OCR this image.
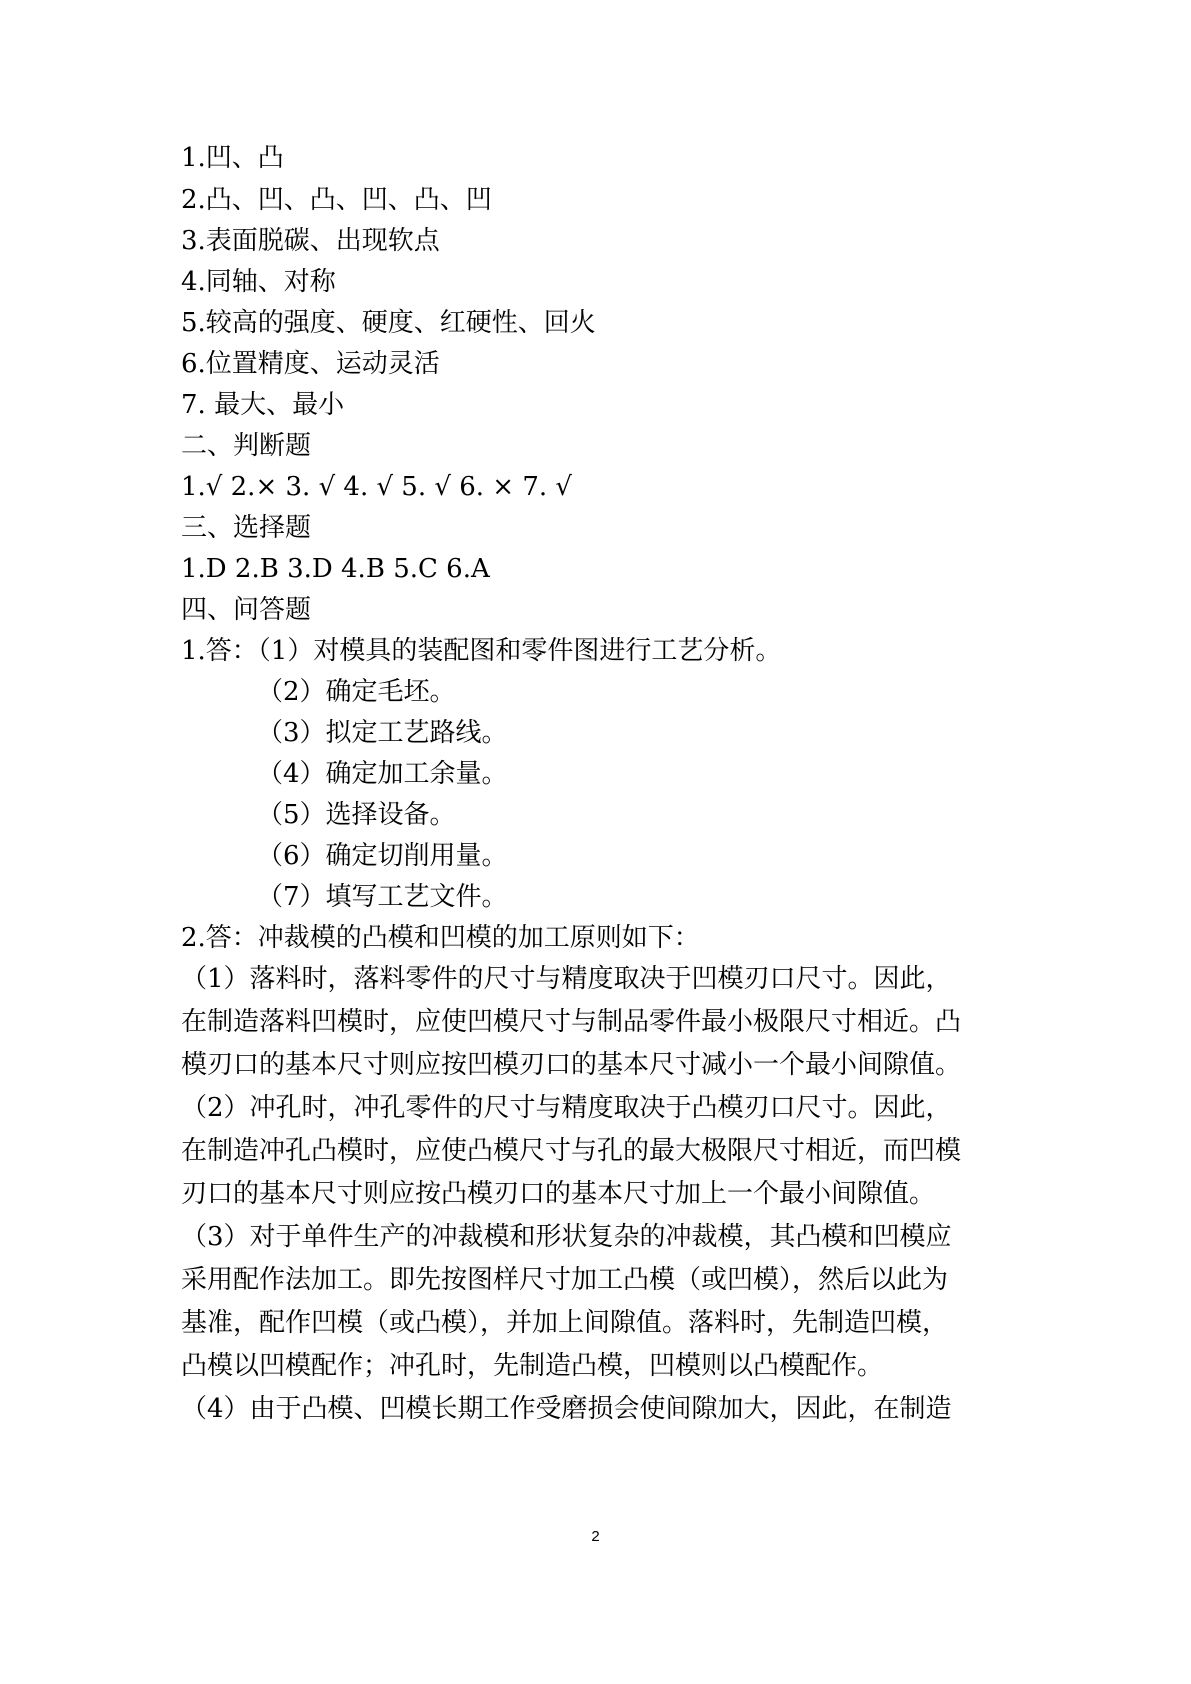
1.凹、凸
2.凸、凹、凸、凹、凸、凹
3.表面脱碳、出现软点
4.同轴、对称
5.较高的强度、硬度、红硬性、回火
6.位置精度、运动灵活
7. 最大、最小
二、判断题
1.√ 2.× 3. √ 4. √ 5. √ 6. × 7. √
三、选择题
1.D 2.B 3.D 4.B 5.C 6.A
四、问答题
1.答：（1）对模具的装配图和零件图进行工艺分析。
（2）确定毛坯。
（3）拟定工艺路线。
（4）确定加工余量。
（5）选择设备。
（6）确定切削用量。
（7）填写工艺文件。
2.答：冲裁模的凸模和凹模的加工原则如下：
（1）落料时，落料零件的尺寸与精度取决于凹模刃口尺寸。因此，
在制造落料凹模时，应使凹模尺寸与制品零件最小极限尺寸相近。凸
模刃口的基本尺寸则应按凹模刃口的基本尺寸减小一个最小间隙值。
（2）冲孔时，冲孔零件的尺寸与精度取决于凸模刃口尺寸。因此，
在制造冲孔凸模时，应使凸模尺寸与孔的最大极限尺寸相近，而凹模
刃口的基本尺寸则应按凸模刃口的基本尺寸加上一个最小间隙值。
（3）对于单件生产的冲裁模和形状复杂的冲裁模，其凸模和凹模应
采用配作法加工。即先按图样尺寸加工凸模（或凹模），然后以此为
基准，配作凹模（或凸模），并加上间隙值。落料时，先制造凹模，
凸模以凹模配作；冲孔时，先制造凸模，凹模则以凸模配作。
（4）由于凸模、凹模长期工作受磨损会使间隙加大，因此，在制造
2
